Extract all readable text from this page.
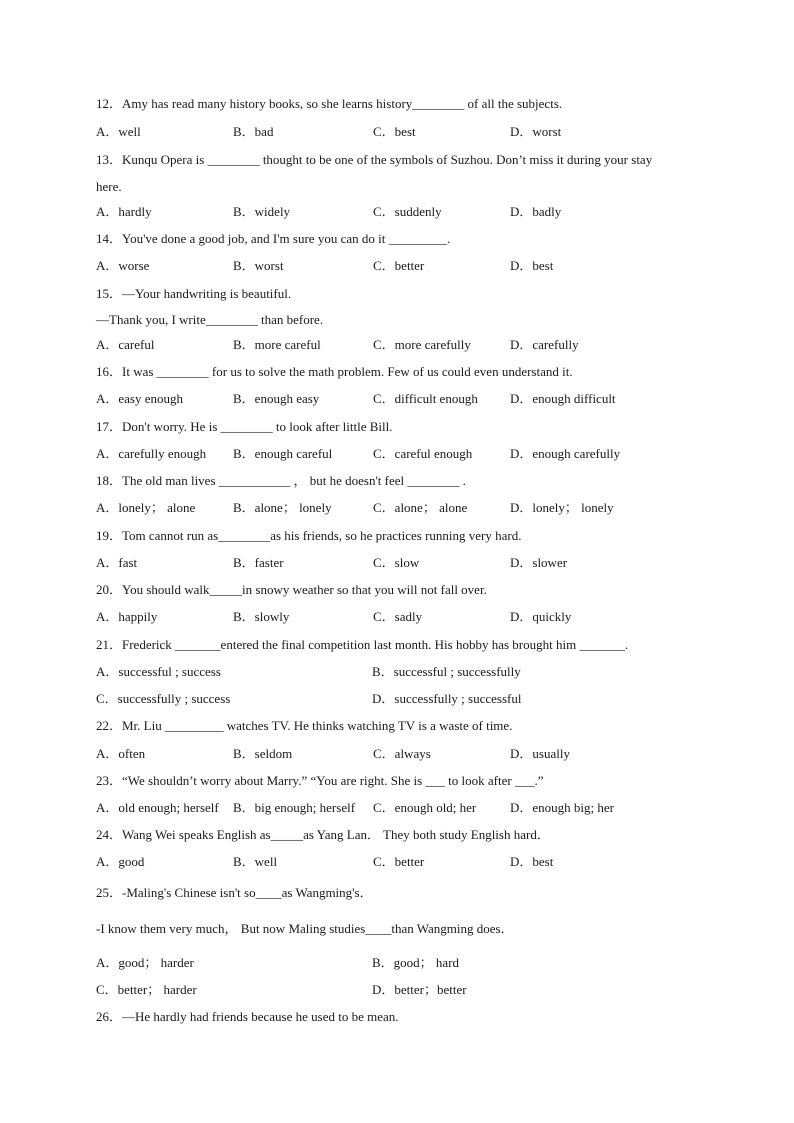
12．Amy has read many history books, so she learns history________ of all the subjects.
A．well	B．bad	C．best	D．worst
13．Kunqu Opera is ________ thought to be one of the symbols of Suzhou. Don’t miss it during your stay
here.
A．hardly	B．widely	C．suddenly	D．badly
14．You've done a good job, and I'm sure you can do it _________.
A．worse	B．worst	C．better	D．best
15．—Your handwriting is beautiful.
—Thank you, I write________ than before.
A．careful	B．more careful	C．more carefully	D．carefully
16．It was ________ for us to solve the math problem. Few of us could even understand it.
A．easy enough	B．enough easy	C．difficult enough D．enough difficult
17．Don't worry. He is ________ to look after little Bill.
A．carefully enough B．enough careful	C．careful enough	D．enough carefully
18．The old man lives ___________ ， but he doesn't feel ________ .
A．lonely； alone	B．alone； lonely	C．alone； alone	D．lonely； lonely
19．Tom cannot run as________as his friends, so he practices running very hard.
A．fast	B．faster	C．slow	D．slower
20．You should walk_____in snowy weather so that you will not fall over.
A．happily	B．slowly	C．sadly	D．quickly
21．Frederick _______entered the final competition last month. His hobby has brought him _______.
A．successful ; success	B．successful ; successfully
C．successfully ; success	D．successfully ; successful
22．Mr. Liu _________ watches TV. He thinks watching TV is a waste of time.
A．often	B．seldom	C．always	D．usually
23．“We shouldn’t worry about Marry.” “You are right. She is ___ to look after ___.”
A．old enough; herself B．big enough; herself C．enough old; her	D．enough big; her
24．Wang Wei speaks English as_____as Yang Lan． They both study English hard．
A．good	B．well	C．better	D．best
25．-Maling's Chinese isn't so____as Wangming's．
-I know them very much， But now Maling studies____than Wangming does．
A．good； harder	B．good； hard
C．better； harder	D．better；better
26．—He hardly had friends because he used to be mean.
